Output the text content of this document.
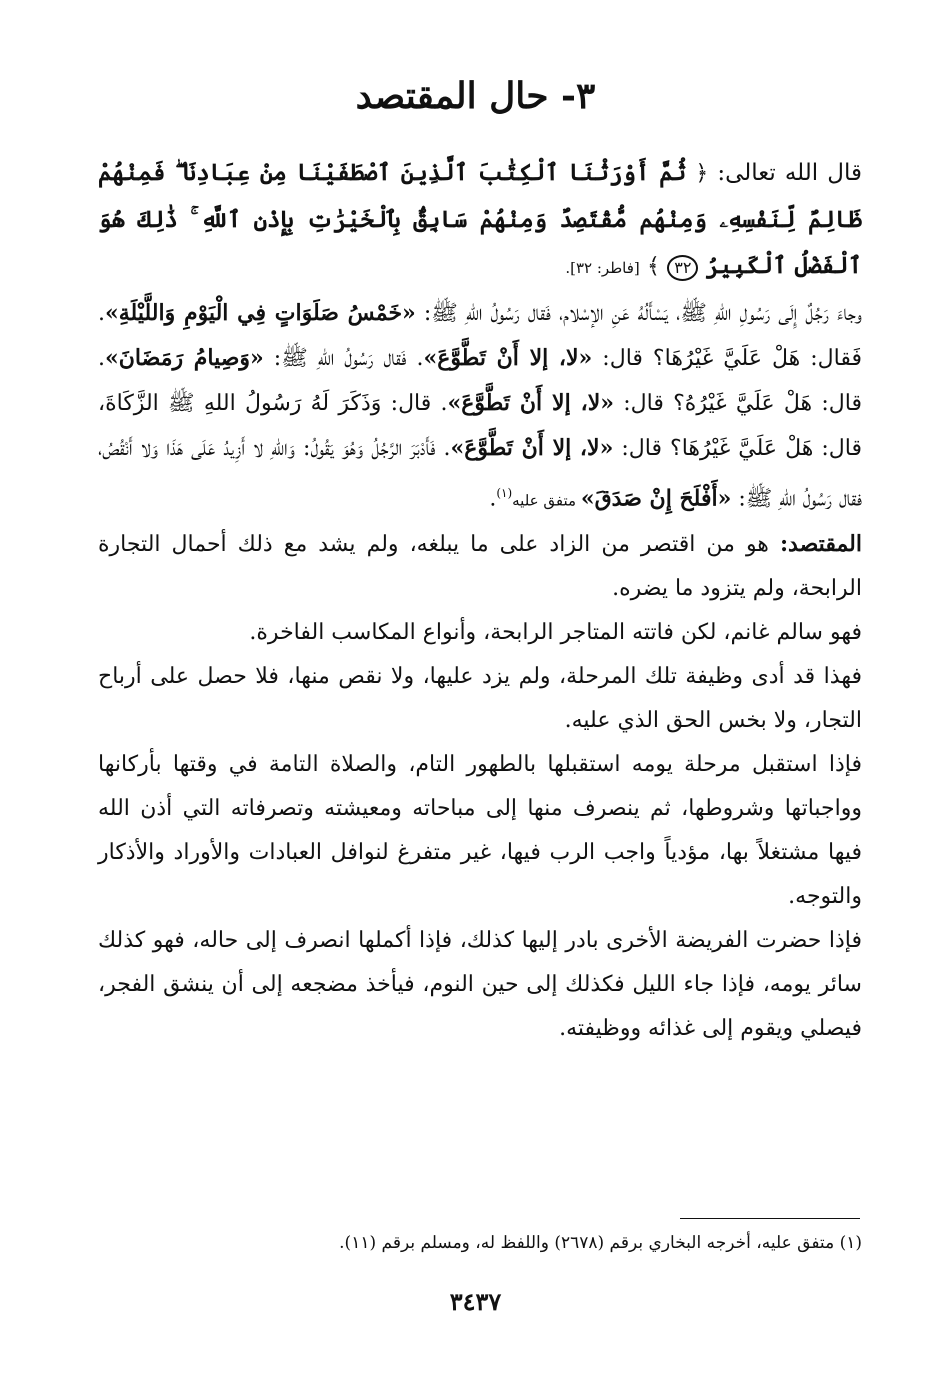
٣- حال المقتصد

قال الله تعالى: ﴿ ثُمَّ أَوْرَثْنَا ٱلْكِتَٰبَ ٱلَّذِينَ ٱصْطَفَيْنَا مِنْ عِبَادِنَا ۖ فَمِنْهُمْ ظَالِمٌ لِّنَفْسِهِۦ وَمِنْهُم مُّقْتَصِدٌ وَمِنْهُمْ سَابِقٌۢ بِٱلْخَيْرَٰتِ بِإِذْنِ ٱللَّهِ ۚ ذَٰلِكَ هُوَ ٱلْفَضْلُ ٱلْكَبِيرُ ٣٢ ﴾ [فاطر: ٣٢].

وجاءَ رَجُلٌ إِلَى رَسُولِ اللهِ ﷺ، يَسْأَلُهُ عَنِ الإسْلام، فَقال رَسُولُ اللهِ ﷺ: «خَمْسُ صَلَوَاتٍ فِي الْيَوْمِ وَاللَّيْلَةِ». فَقال: هَلْ عَلَيَّ غَيْرُهَا؟ قال: «لا، إلا أَنْ تَطَّوَّعَ». فَقال رَسُولُ اللهِ ﷺ: «وَصِيامُ رَمَضَانَ». قال: هَلْ عَلَيَّ غَيْرُهُ؟ قال: «لا، إلا أَنْ تَطَّوَّعَ». قال: وَذَكَرَ لَهُ رَسُولُ اللهِ ﷺ الزَّكَاةَ، قال: هَلْ عَلَيَّ غَيْرُهَا؟ قال: «لا، إلا أَنْ تَطَّوَّعَ». فَأَدْبَرَ الرَّجُلُ وَهُوَ يَقُولُ: وَاللهِ لا أَزِيدُ عَلَى هَذَا وَلا أَنْقُصُ، فقال رَسُولُ اللهِ ﷺ: «أَفْلَحَ إِنْ صَدَقَ» متفق عليه$^{(١)}$.

المقتصد: هو من اقتصر من الزاد على ما يبلغه، ولم يشد مع ذلك أحمال التجارة الرابحة، ولم يتزود ما يضره.

فهو سالم غانم، لكن فاتته المتاجر الرابحة، وأنواع المكاسب الفاخرة.

فهذا قد أدى وظيفة تلك المرحلة، ولم يزد عليها، ولا نقص منها، فلا حصل على أرباح التجار، ولا بخس الحق الذي عليه.

فإذا استقبل مرحلة يومه استقبلها بالطهور التام، والصلاة التامة في وقتها بأركانها وواجباتها وشروطها، ثم ينصرف منها إلى مباحاته ومعيشته وتصرفاته التي أذن الله فيها مشتغلاً بها، مؤدياً واجب الرب فيها، غير متفرغ لنوافل العبادات والأوراد والأذكار والتوجه.

فإذا حضرت الفريضة الأخرى بادر إليها كذلك، فإذا أكملها انصرف إلى حاله، فهو كذلك سائر يومه، فإذا جاء الليل فكذلك إلى حين النوم، فيأخذ مضجعه إلى أن ينشق الفجر، فيصلي ويقوم إلى غذائه ووظيفته.

(١) متفق عليه، أخرجه البخاري برقم (٢٦٧٨) واللفظ له، ومسلم برقم (١١).

٣٤٣٧
